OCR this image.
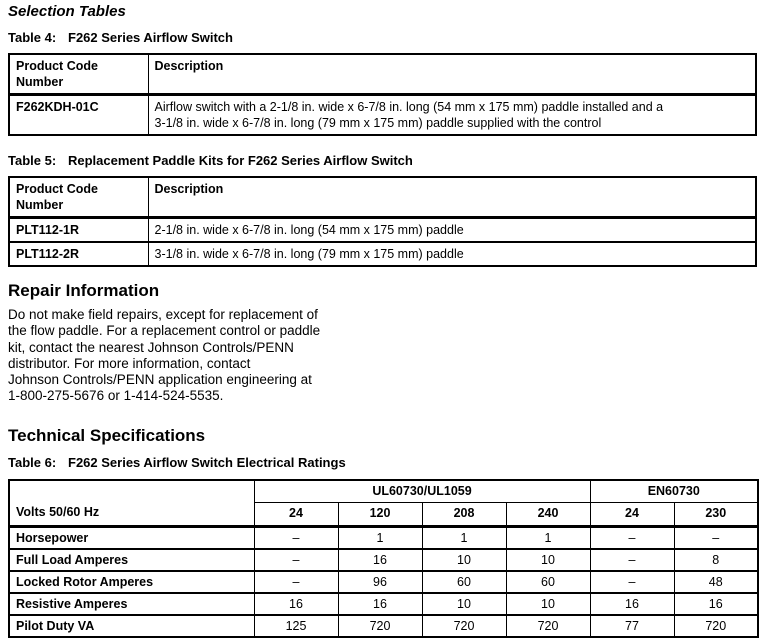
Selection Tables

Table 4: F262 Series Airflow Switch

Product Code Number	Description
F262KDH-01C	Airflow switch with a 2-1/8 in. wide x 6-7/8 in. long (54 mm x 175 mm) paddle installed and a
3-1/8 in. wide x 6-7/8 in. long (79 mm x 175 mm) paddle supplied with the control

Table 5: Replacement Paddle Kits for F262 Series Airflow Switch

Product Code Number	Description
PLT112-1R	2-1/8 in. wide x 6-7/8 in. long (54 mm x 175 mm) paddle
PLT112-2R	3-1/8 in. wide x 6-7/8 in. long (79 mm x 175 mm) paddle
Repair Information

Do not make field repairs, except for replacement of
the flow paddle. For a replacement control or paddle
kit, contact the nearest Johnson Controls/PENN
distributor. For more information, contact
Johnson Controls/PENN application engineering at
1-800-275-5676 or 1-414-524-5535.

Technical Specifications

Table 6: F262 Series Airflow Switch Electrical Ratings

Volts 50/60 Hz	UL60730/UL1059				EN60730	
	24	120	208	240	24	230
Horsepower	–	1	1	1	–	–
Full Load Amperes	–	16	10	10	–	8
Locked Rotor Amperes	–	96	60	60	–	48
Resistive Amperes	16	16	10	10	16	16
Pilot Duty VA	125	720	720	720	77	720
